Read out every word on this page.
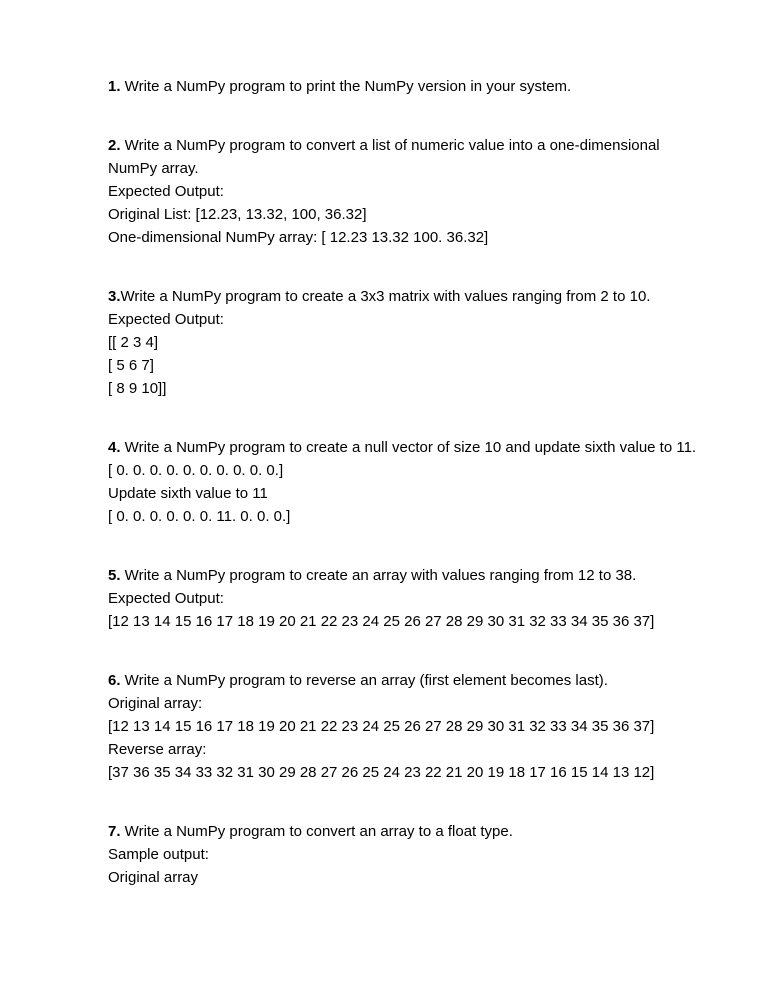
1. Write a NumPy program to print the NumPy version in your system.

2. Write a NumPy program to convert a list of numeric value into a one-dimensional NumPy array.

Expected Output:

Original List: [12.23, 13.32, 100, 36.32]

One-dimensional NumPy array: [ 12.23 13.32 100. 36.32]

3.Write a NumPy program to create a 3x3 matrix with values ranging from 2 to 10.

Expected Output:

[[ 2 3 4]

[ 5 6 7]

[ 8 9 10]]

4. Write a NumPy program to create a null vector of size 10 and update sixth value to 11.

[ 0. 0. 0. 0. 0. 0. 0. 0. 0. 0.]

Update sixth value to 11

[ 0. 0. 0. 0. 0. 0. 11. 0. 0. 0.]

5. Write a NumPy program to create an array with values ranging from 12 to 38.

Expected Output:

[12 13 14 15 16 17 18 19 20 21 22 23 24 25 26 27 28 29 30 31 32 33 34 35 36 37]

6. Write a NumPy program to reverse an array (first element becomes last).

Original array:

[12 13 14 15 16 17 18 19 20 21 22 23 24 25 26 27 28 29 30 31 32 33 34 35 36 37]

Reverse array:

[37 36 35 34 33 32 31 30 29 28 27 26 25 24 23 22 21 20 19 18 17 16 15 14 13 12]

7. Write a NumPy program to convert an array to a float type.

Sample output:

Original array
